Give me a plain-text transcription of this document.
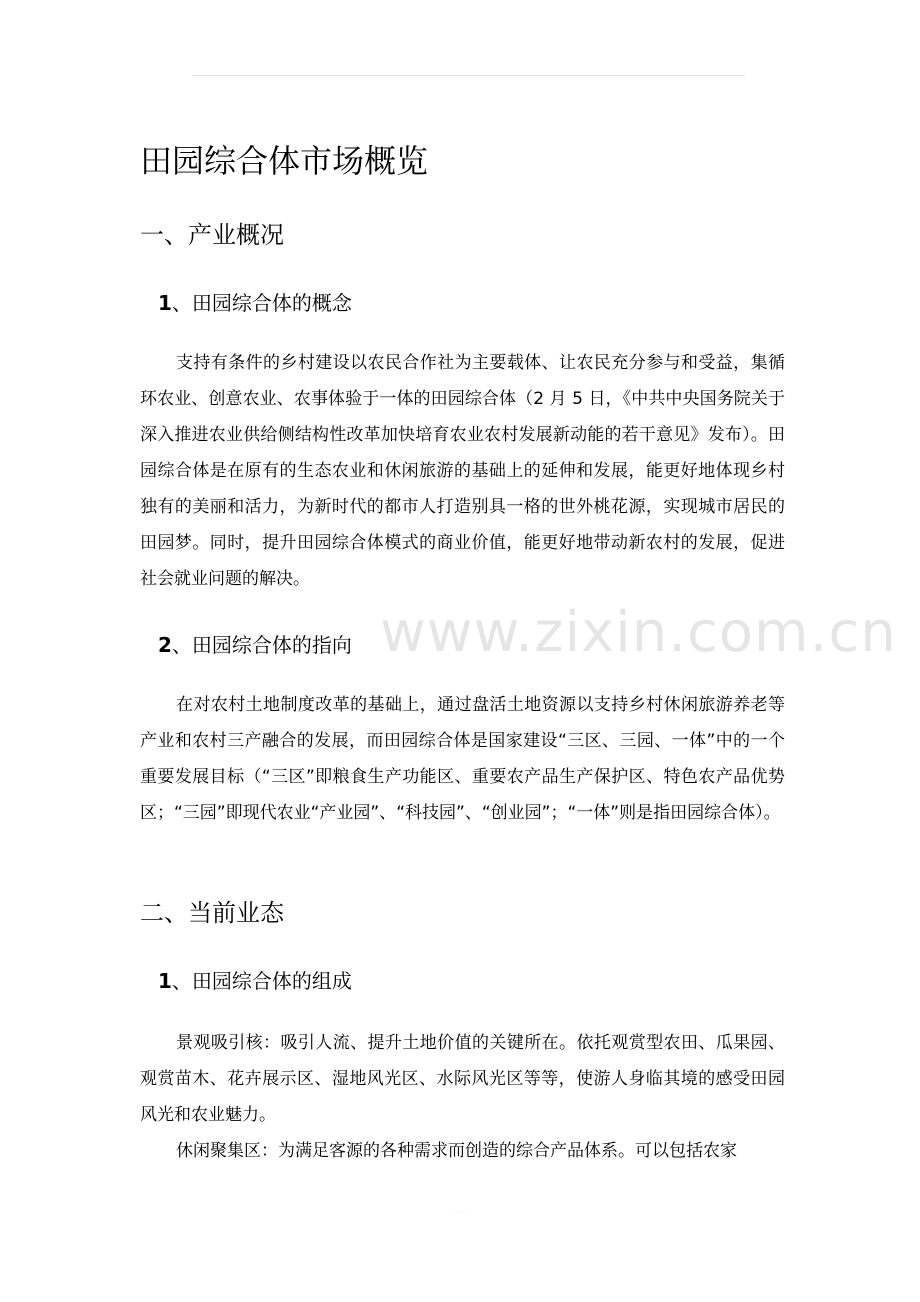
田园综合体市场概览
一、产业概况
1、田园综合体的概念

支持有条件的乡村建设以农民合作社为主要载体、让农民充分参与和受益，集循环农业、创意农业、农事体验于一体的田园综合体（2 月 5 日，《中共中央国务院关于深入推进农业供给侧结构性改革加快培育农业农村发展新动能的若干意见》发布）。田园综合体是在原有的生态农业和休闲旅游的基础上的延伸和发展，能更好地体现乡村独有的美丽和活力，为新时代的都市人打造别具一格的世外桃花源，实现城市居民的田园梦。同时，提升田园综合体模式的商业价值，能更好地带动新农村的发展，促进社会就业问题的解决。

2、田园综合体的指向

在对农村土地制度改革的基础上，通过盘活土地资源以支持乡村休闲旅游养老等产业和农村三产融合的发展，而田园综合体是国家建设“三区、三园、一体”中的一个重要发展目标（“三区”即粮食生产功能区、重要农产品生产保护区、特色农产品优势区；“三园”即现代农业“产业园”、“科技园”、“创业园”；“一体”则是指田园综合体）。

二、当前业态
1、田园综合体的组成

景观吸引核：吸引人流、提升土地价值的关键所在。依托观赏型农田、瓜果园、观赏苗木、花卉展示区、湿地风光区、水际风光区等等，使游人身临其境的感受田园风光和农业魅力。

休闲聚集区：为满足客源的各种需求而创造的综合产品体系。可以包括农家

www.zixin.com.cn
······
